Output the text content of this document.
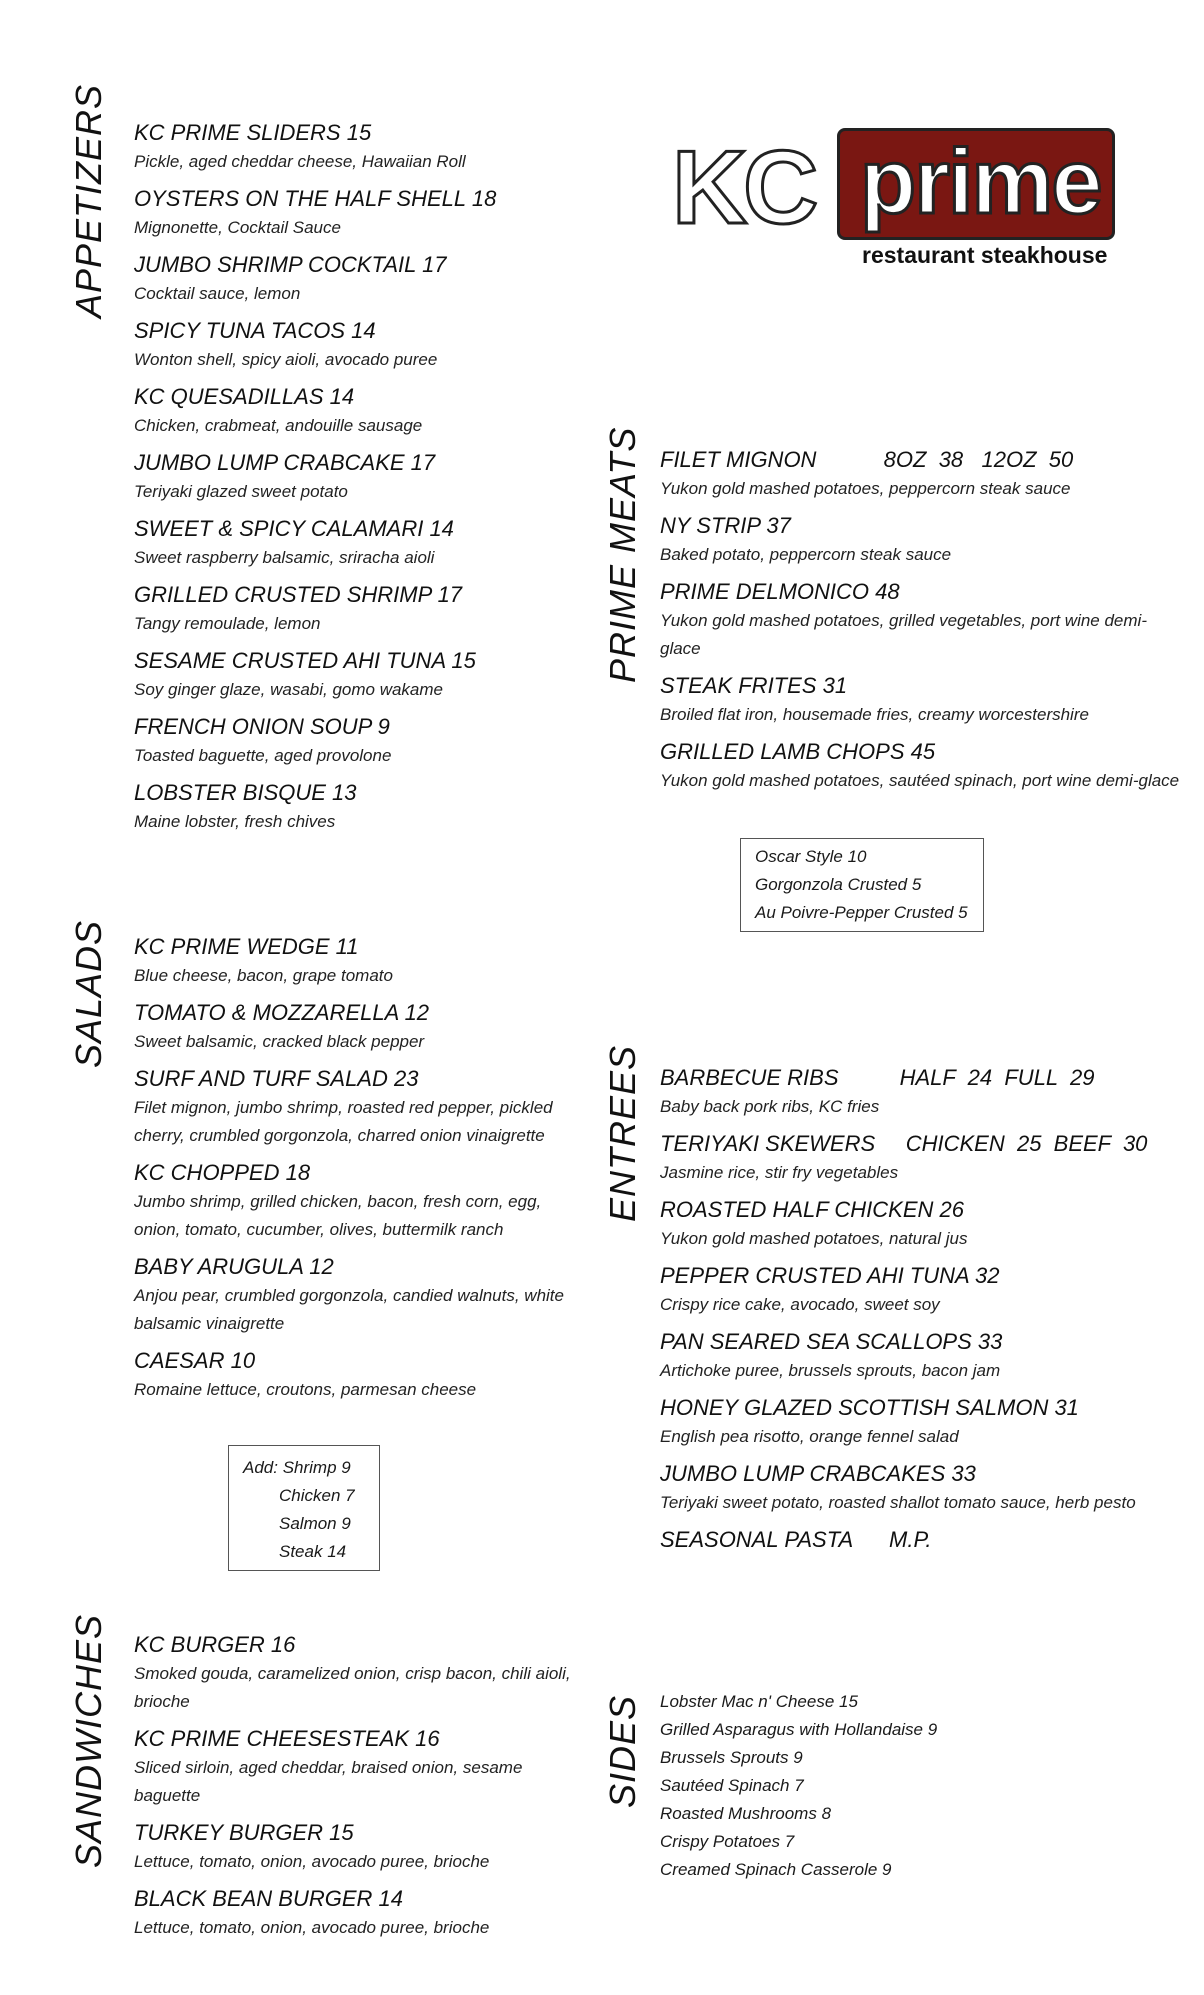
KC prime
restaurant steakhouse
APPETIZERS
SALADS
SANDWICHES
PRIME MEATS
ENTREES
SIDES
KC PRIME SLIDERS 15
Pickle, aged cheddar cheese, Hawaiian Roll
OYSTERS ON THE HALF SHELL 18
Mignonette, Cocktail Sauce
JUMBO SHRIMP COCKTAIL 17
Cocktail sauce, lemon
SPICY TUNA TACOS 14
Wonton shell, spicy aioli, avocado puree
KC QUESADILLAS 14
Chicken, crabmeat, andouille sausage
JUMBO LUMP CRABCAKE 17
Teriyaki glazed sweet potato
SWEET & SPICY CALAMARI 14
Sweet raspberry balsamic, sriracha aioli
GRILLED CRUSTED SHRIMP 17
Tangy remoulade, lemon
SESAME CRUSTED AHI TUNA 15
Soy ginger glaze, wasabi, gomo wakame
FRENCH ONION SOUP 9
Toasted baguette, aged provolone
LOBSTER BISQUE 13
Maine lobster, fresh chives
KC PRIME WEDGE 11
Blue cheese, bacon, grape tomato
TOMATO & MOZZARELLA 12
Sweet balsamic, cracked black pepper
SURF AND TURF SALAD 23
Filet mignon, jumbo shrimp, roasted red pepper, pickled cherry, crumbled gorgonzola, charred onion vinaigrette
KC CHOPPED 18
Jumbo shrimp, grilled chicken, bacon, fresh corn, egg, onion, tomato, cucumber, olives, buttermilk ranch
BABY ARUGULA 12
Anjou pear, crumbled gorgonzola, candied walnuts, white balsamic vinaigrette
CAESAR 10
Romaine lettuce, croutons, parmesan cheese
Add: Shrimp 9
Chicken 7
Salmon 9
Steak 14
KC BURGER 16
Smoked gouda, caramelized onion, crisp bacon, chili aioli, brioche
KC PRIME CHEESESTEAK 16
Sliced sirloin, aged cheddar, braised onion, sesame baguette
TURKEY BURGER 15
Lettuce, tomato, onion, avocado puree, brioche
BLACK BEAN BURGER 14
Lettuce, tomato, onion, avocado puree, brioche
FILET MIGNON           8OZ  38   12OZ  50
Yukon gold mashed potatoes, peppercorn steak sauce
NY STRIP 37
Baked potato, peppercorn steak sauce
PRIME DELMONICO 48
Yukon gold mashed potatoes, grilled vegetables, port wine demi-glace
STEAK FRITES 31
Broiled flat iron, housemade fries, creamy worcestershire
GRILLED LAMB CHOPS 45
Yukon gold mashed potatoes, sautéed spinach, port wine demi-glace
Oscar Style 10
Gorgonzola Crusted 5
Au Poivre-Pepper Crusted 5
BARBECUE RIBS          HALF  24  FULL  29
Baby back pork ribs, KC fries
TERIYAKI SKEWERS     CHICKEN  25  BEEF  30
Jasmine rice, stir fry vegetables
ROASTED HALF CHICKEN 26
Yukon gold mashed potatoes, natural jus
PEPPER CRUSTED AHI TUNA 32
Crispy rice cake, avocado, sweet soy
PAN SEARED SEA SCALLOPS 33
Artichoke puree, brussels sprouts, bacon jam
HONEY GLAZED SCOTTISH SALMON 31
English pea risotto, orange fennel salad
JUMBO LUMP CRABCAKES 33
Teriyaki sweet potato, roasted shallot tomato sauce, herb pesto
SEASONAL PASTA      M.P.
Lobster Mac n' Cheese 15
Grilled Asparagus with Hollandaise 9
Brussels Sprouts 9
Sautéed Spinach 7
Roasted Mushrooms 8
Crispy Potatoes 7
Creamed Spinach Casserole 9
